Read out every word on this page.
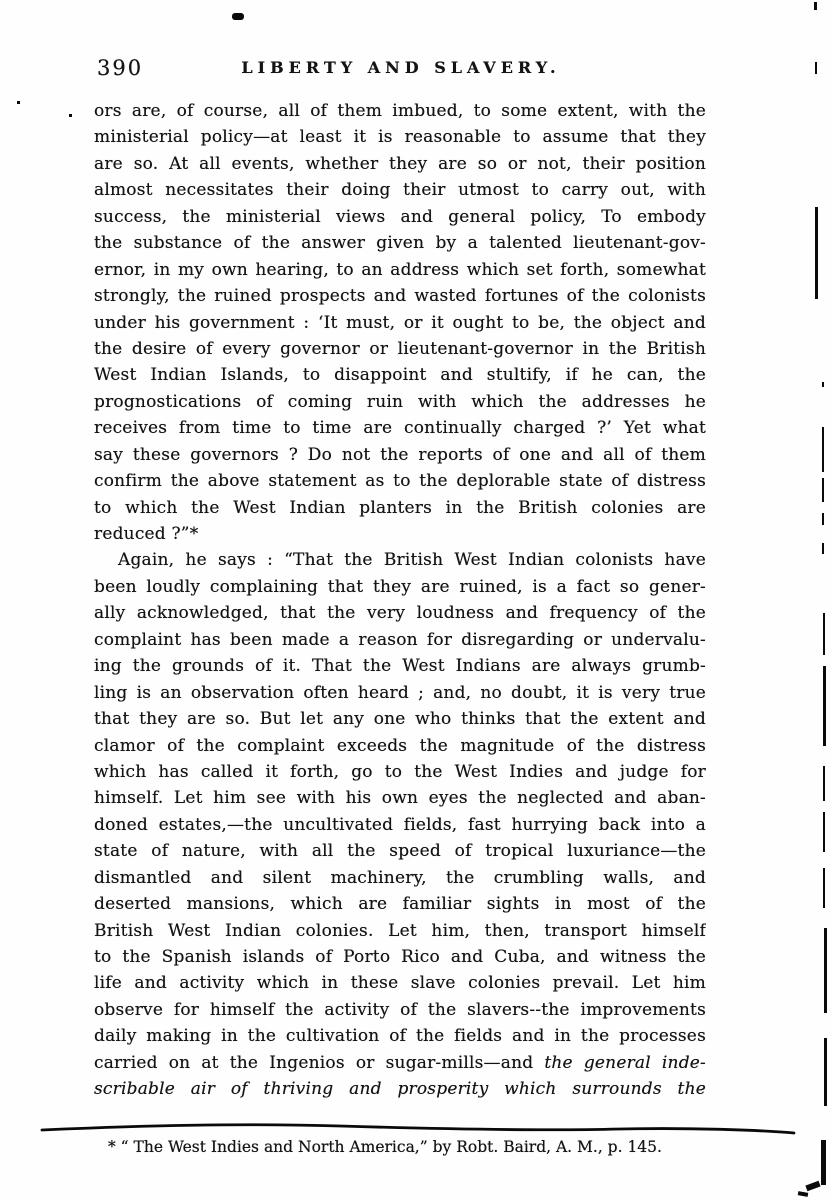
390	LIBERTY AND SLAVERY.
ors are, of course, all of them imbued, to some extent, with the
ministerial policy—at least it is reasonable to assume that they
are so. At all events, whether they are so or not, their position
almost necessitates their doing their utmost to carry out, with
success, the ministerial views and general policy, To embody
the substance of the answer given by a talented lieutenant-gov-
ernor, in my own hearing, to an address which set forth, somewhat
strongly, the ruined prospects and wasted fortunes of the colonists
under his government : ‘It must, or it ought to be, the object and
the desire of every governor or lieutenant-governor in the British
West Indian Islands, to disappoint and stultify, if he can, the
prognostications of coming ruin with which the addresses he
receives from time to time are continually charged ?’ Yet what
say these governors ? Do not the reports of one and all of them
confirm the above statement as to the deplorable state of distress
to which the West Indian planters in the British colonies are
reduced ?”*
Again, he says : “That the British West Indian colonists have
been loudly complaining that they are ruined, is a fact so gener-
ally acknowledged, that the very loudness and frequency of the
complaint has been made a reason for disregarding or undervalu-
ing the grounds of it. That the West Indians are always grumb-
ling is an observation often heard ; and, no doubt, it is very true
that they are so. But let any one who thinks that the extent and
clamor of the complaint exceeds the magnitude of the distress
which has called it forth, go to the West Indies and judge for
himself. Let him see with his own eyes the neglected and aban-
doned estates,—the uncultivated fields, fast hurrying back into a
state of nature, with all the speed of tropical luxuriance—the
dismantled and silent machinery, the crumbling walls, and
deserted mansions, which are familiar sights in most of the
British West Indian colonies. Let him, then, transport himself
to the Spanish islands of Porto Rico and Cuba, and witness the
life and activity which in these slave colonies prevail. Let him
observe for himself the activity of the slavers--the improvements
daily making in the cultivation of the fields and in the processes
carried on at the Ingenios or sugar-mills—and the general inde-
scribable air of thriving and prosperity which surrounds the
* “ The West Indies and North America,” by Robt. Baird, A. M., p. 145.
